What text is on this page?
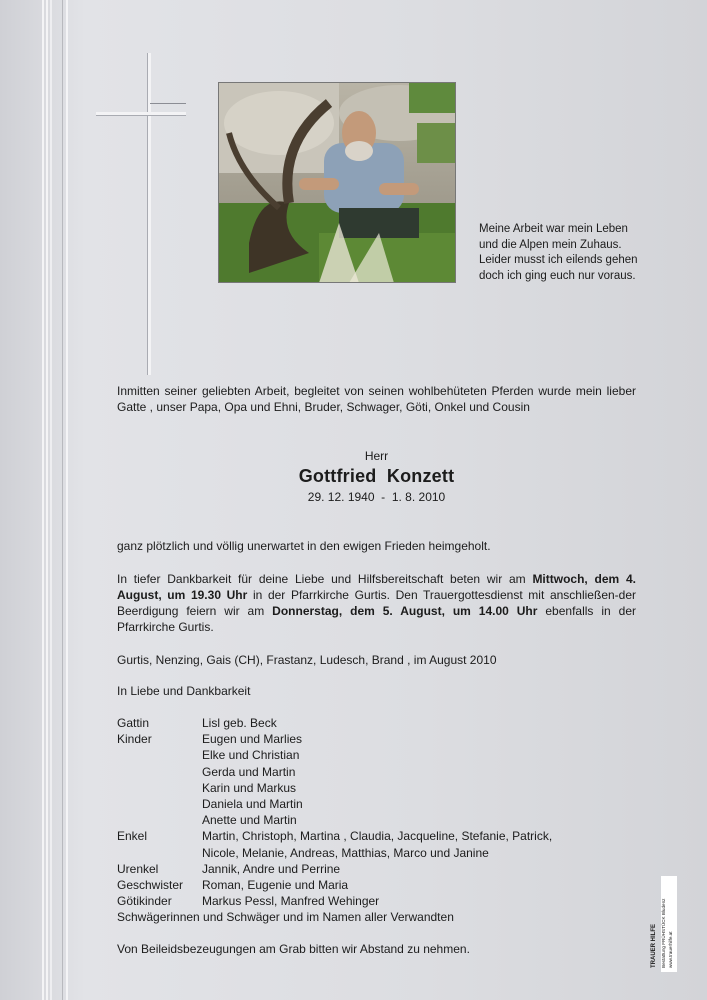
Meine Arbeit war mein Leben
und die Alpen mein Zuhaus.
Leider musst ich eilends gehen
doch ich ging euch nur voraus.
Inmitten seiner geliebten Arbeit, begleitet von seinen wohlbehüteten Pferden wurde mein lieber Gatte , unser Papa, Opa und Ehni, Bruder, Schwager, Göti, Onkel und Cousin
Herr
Gottfried  Konzett
29. 12. 1940  -  1. 8. 2010
ganz plötzlich und völlig unerwartet in den ewigen Frieden heimgeholt.
In tiefer Dankbarkeit für deine Liebe und Hilfsbereitschaft beten wir am Mittwoch, dem 4. August, um 19.30 Uhr in der Pfarrkirche Gurtis. Den Trauergottesdienst mit anschließen-der Beerdigung feiern wir am Donnerstag, dem 5. August, um 14.00 Uhr ebenfalls in der Pfarrkirche Gurtis.
Gurtis, Nenzing, Gais (CH), Frastanz, Ludesch, Brand , im August 2010
In Liebe und Dankbarkeit
Gattin	Lisl geb. Beck
Kinder	Eugen und Marlies
Elke und Christian
Gerda und Martin
Karin und Markus
Daniela und Martin
Anette und Martin
Enkel	Martin, Christoph, Martina , Claudia, Jacqueline, Stefanie, Patrick,
Nicole, Melanie, Andreas, Matthias, Marco und Janine
Urenkel	Jannik, Andre und Perrine
Geschwister	Roman, Eugenie und Maria
Götikinder	Markus Pessl, Manfred Wehinger
Schwägerinnen und Schwäger und im Namen aller Verwandten
Von Beileidsbezeugungen am Grab bitten wir Abstand zu nehmen.	TRAUER HILFE Bestattung FRÜHSTÜCK Bludenz www.trauerhilfe.at
